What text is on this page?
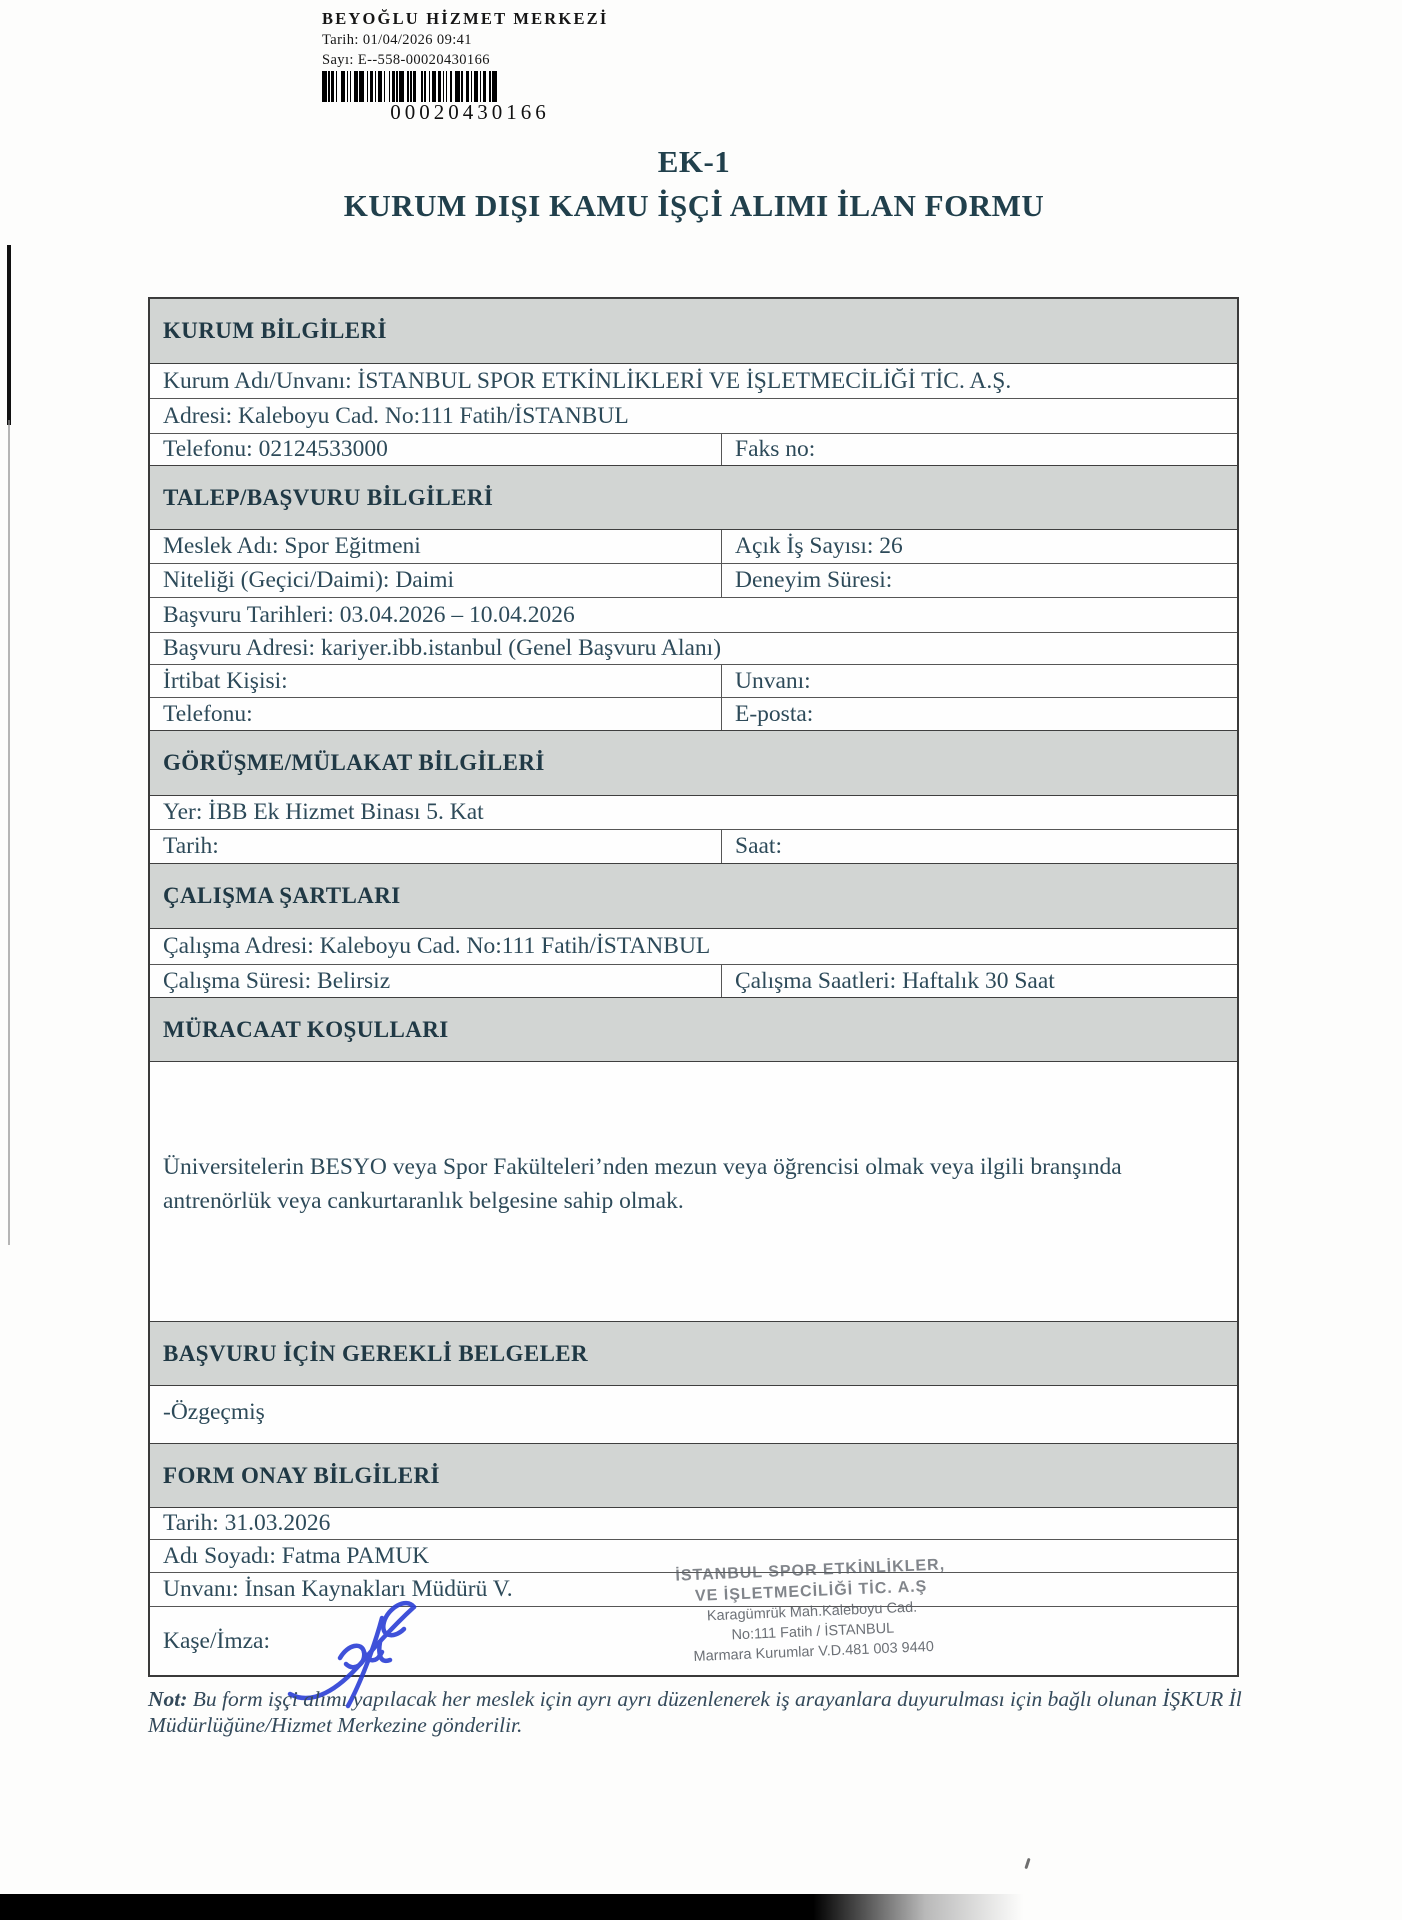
BEYOĞLU HİZMET MERKEZİ
Tarih: 01/04/2026 09:41
Sayı: E--558-00020430166
00020430166
EK-1
KURUM DIŞI KAMU İŞÇİ ALIMI İLAN FORMU
KURUM BİLGİLERİ
Kurum Adı/Unvanı: İSTANBUL SPOR ETKİNLİKLERİ VE İŞLETMECİLİĞİ TİC. A.Ş.
Adresi: Kaleboyu Cad. No:111 Fatih/İSTANBUL
Telefonu: 02124533000	Faks no:
TALEP/BAŞVURU BİLGİLERİ
Meslek Adı: Spor Eğitmeni	Açık İş Sayısı: 26
Niteliği (Geçici/Daimi): Daimi	Deneyim Süresi:
Başvuru Tarihleri: 03.04.2026 – 10.04.2026
Başvuru Adresi: kariyer.ibb.istanbul (Genel Başvuru Alanı)
İrtibat Kişisi:	Unvanı:
Telefonu:	E-posta:
GÖRÜŞME/MÜLAKAT BİLGİLERİ
Yer: İBB Ek Hizmet Binası 5. Kat
Tarih:	Saat:
ÇALIŞMA ŞARTLARI
Çalışma Adresi: Kaleboyu Cad. No:111 Fatih/İSTANBUL
Çalışma Süresi: Belirsiz	Çalışma Saatleri: Haftalık 30 Saat
MÜRACAAT KOŞULLARI
Üniversitelerin BESYO veya Spor Fakülteleri’nden mezun veya öğrencisi olmak veya ilgili branşında antrenörlük veya cankurtaranlık belgesine sahip olmak.
BAŞVURU İÇİN GEREKLİ BELGELER
-Özgeçmiş
FORM ONAY BİLGİLERİ
Tarih: 31.03.2026
Adı Soyadı: Fatma PAMUK
Unvanı: İnsan Kaynakları Müdürü V.
Kaşe/İmza:
İSTANBUL SPOR ETKİNLİKLER,
VE İŞLETMECİLİĞİ TİC. A.Ş
Karagümrük Mah.Kaleboyu Cad.
No:111 Fatih / İSTANBUL
Marmara Kurumlar V.D.481 003 9440
Not: Bu form işçi alımı yapılacak her meslek için ayrı ayrı düzenlenerek iş arayanlara duyurulması için bağlı olunan İŞKUR İl Müdürlüğüne/Hizmet Merkezine gönderilir.
